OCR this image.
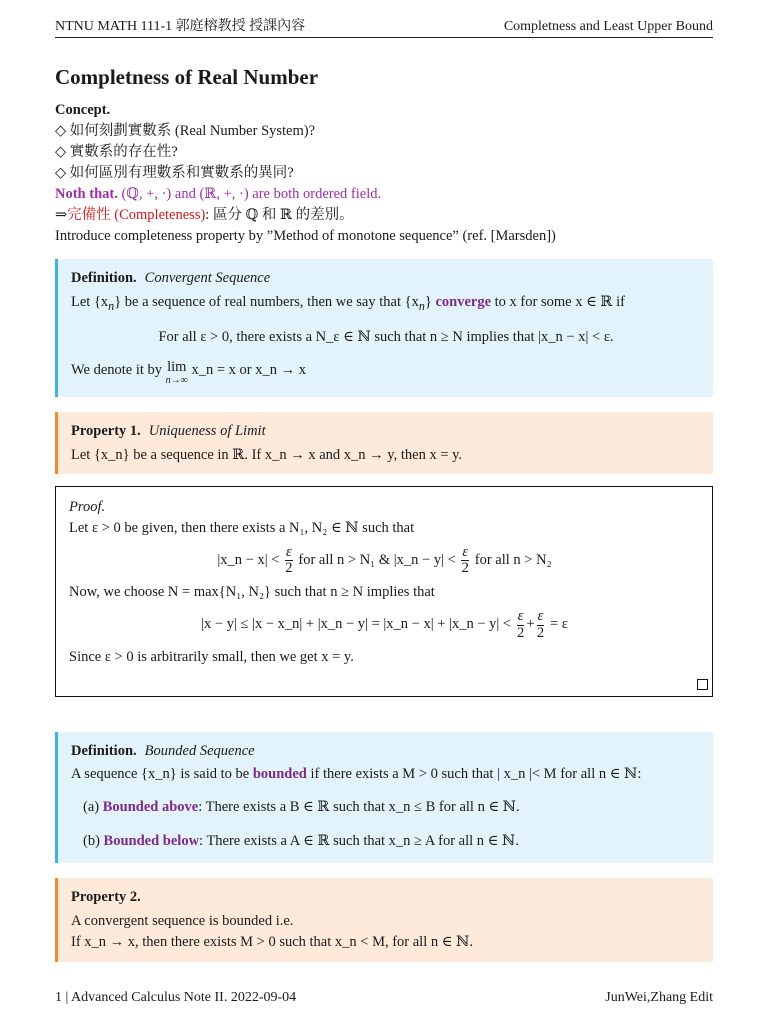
NTNU MATH 111-1 郭庭榕教授 授課內容	Completness and Least Upper Bound
Completness of Real Number
Concept.
◇ 如何刻劃實數系 (Real Number System)?
◇ 實數系的存在性?
◇ 如何區別有理數系和實數系的異同?
Noth that. (ℚ, +, ·) and (ℝ, +, ·) are both ordered field.
⇒完備性 (Completeness): 區分 ℚ 和 ℝ 的差別。
Introduce completeness property by ”Method of monotone sequence” (ref. [Marsden])
Definition. Convergent Sequence
Let $\{x_n\}$ be a sequence of real numbers, then we say that $\{x_n\}$ converge to x for some x ∈ ℝ if
For all ε > 0, there exists a N_ε ∈ ℕ such that n ≥ N implies that |x_n − x| < ε.
We denote it by lim
n→∞
x_n = x or x_n → x
Property 1. Uniqueness of Limit
Let {x_n} be a sequence in ℝ. If x_n → x and x_n → y, then x = y.
Proof.
Let ε > 0 be given, then there exists a N₁, N₂ ∈ ℕ such that
|x_n − $x| < \frac{\varepsilon}{2}$ for all n > N₁ & |x_n − $y| < \frac{\varepsilon}{2}$ for all n > N₂
Now, we choose N = max{N₁, N₂} such that n ≥ N implies that
|x − y| ≤ |x − x_n| + |x_n − y| = |x_n − x| + |x_n − $y| < \frac{\varepsilon}{2} + \frac{\varepsilon}{2} = \varepsilon$
Since ε > 0 is arbitrarily small, then we get x = y.
Definition. Bounded Sequence
A sequence {x_n} is said to be bounded if there exists a M > 0 such that | x_n |< M for all n ∈ ℕ:
(a) Bounded above: There exists a B ∈ ℝ such that x_n ≤ B for all n ∈ ℕ.
(b) Bounded below: There exists a A ∈ ℝ such that x_n ≥ A for all n ∈ ℕ.
Property 2.
A convergent sequence is bounded i.e.
If x_n → x, then there exists M > 0 such that x_n < M, for all n ∈ ℕ.
1 | Advanced Calculus Note II. 2022-09-04	JunWei,Zhang Edit
